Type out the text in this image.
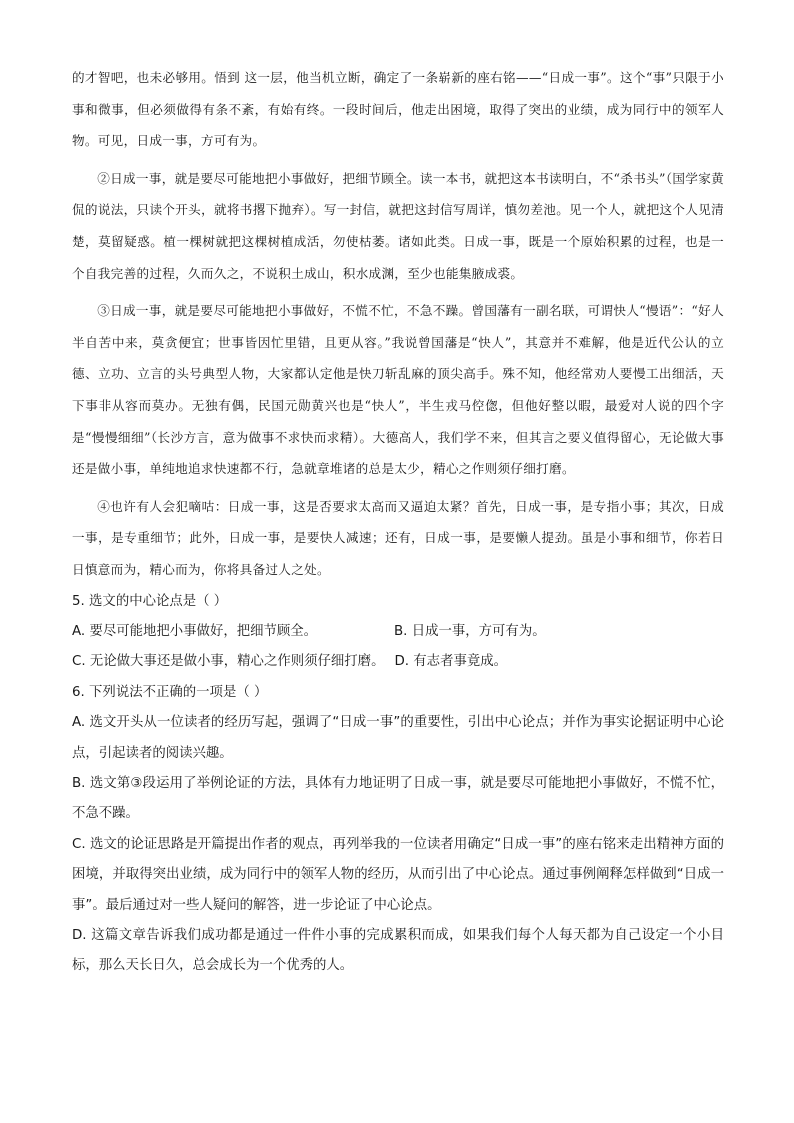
的才智吧，也未必够用。悟到 这一层，他当机立断，确定了一条崭新的座右铭——“日成一事”。这个“事”只限于小事和微事，但必须做得有条不紊，有始有终。一段时间后，他走出困境，取得了突出的业绩，成为同行中的领军人物。可见，日成一事，方可有为。

②日成一事，就是要尽可能地把小事做好，把细节顾全。读一本书，就把这本书读明白，不“杀书头”（国学家黄侃的说法，只读个开头，就将书撂下抛弃）。写一封信，就把这封信写周详，慎勿差池。见一个人，就把这个人见清楚，莫留疑惑。植一棵树就把这棵树植成活，勿使枯萎。诸如此类。日成一事，既是一个原始积累的过程，也是一个自我完善的过程，久而久之，不说积土成山，积水成渊，至少也能集腋成裘。

③日成一事，就是要尽可能地把小事做好，不慌不忙，不急不躁。曾国藩有一副名联，可谓快人“慢语”：“好人半自苦中来，莫贪便宜；世事皆因忙里错，且更从容。”我说曾国藩是“快人”，其意并不难解，他是近代公认的立德、立功、立言的头号典型人物，大家都认定他是快刀斩乱麻的顶尖高手。殊不知，他经常劝人要慢工出细活，天下事非从容而莫办。无独有偶，民国元勋黄兴也是“快人”，半生戎马倥偬，但他好整以暇，最爱对人说的四个字是“慢慢细细”（长沙方言，意为做事不求快而求精）。大德高人，我们学不来，但其言之要义值得留心，无论做大事还是做小事，单纯地追求快速都不行，急就章堆诸的总是太少，精心之作则须仔细打磨。

④也许有人会犯嘀咕：日成一事，这是否要求太高而又逼迫太紧？首先，日成一事，是专指小事；其次，日成一事，是专重细节；此外，日成一事，是要快人减速；还有，日成一事，是要懒人提劲。虽是小事和细节，你若日日慎意而为，精心而为，你将具备过人之处。

5. 选文的中心论点是（ ）

A. 要尽可能地把小事做好，把细节顾全。	B. 日成一事，方可有为。
C. 无论做大事还是做小事，精心之作则须仔细打磨。 D. 有志者事竟成。

6. 下列说法不正确的一项是（ ）

A. 选文开头从一位读者的经历写起，强调了“日成一事”的重要性，引出中心论点；并作为事实论据证明中心论点，引起读者的阅读兴趣。

B. 选文第③段运用了举例论证的方法，具体有力地证明了日成一事，就是要尽可能地把小事做好，不慌不忙，不急不躁。

C. 选文的论证思路是开篇提出作者的观点，再列举我的一位读者用确定“日成一事”的座右铭来走出精神方面的困境，并取得突出业绩，成为同行中的领军人物的经历，从而引出了中心论点。通过事例阐释怎样做到“日成一事”。最后通过对一些人疑问的解答，进一步论证了中心论点。

D. 这篇文章告诉我们成功都是通过一件件小事的完成累积而成，如果我们每个人每天都为自己设定一个小目标，那么天长日久，总会成长为一个优秀的人。
